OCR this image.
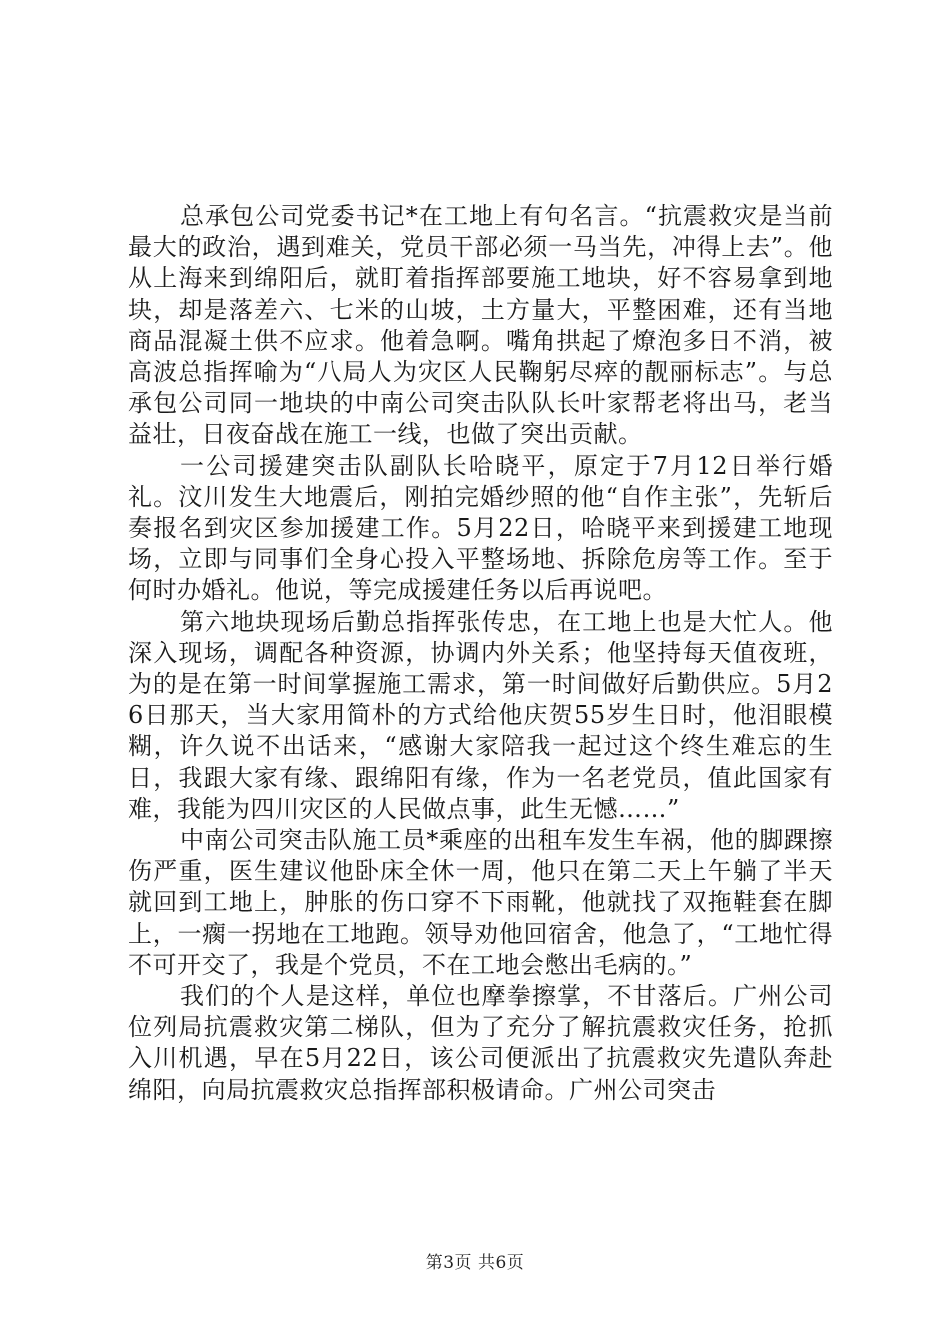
总承包公司党委书记*在工地上有句名言。“抗震救灾是当前最大的政治，遇到难关，党员干部必须一马当先，冲得上去”。他从上海来到绵阳后，就盯着指挥部要施工地块，好不容易拿到地块，却是落差六、七米的山坡，土方量大，平整困难，还有当地商品混凝土供不应求。他着急啊。嘴角拱起了燎泡多日不消，被高波总指挥喻为“八局人为灾区人民鞠躬尽瘁的靓丽标志”。与总承包公司同一地块的中南公司突击队队长叶家帮老将出马，老当益壮，日夜奋战在施工一线，也做了突出贡献。

一公司援建突击队副队长哈晓平，原定于7月12日举行婚礼。汶川发生大地震后，刚拍完婚纱照的他“自作主张”，先斩后奏报名到灾区参加援建工作。5月22日，哈晓平来到援建工地现场，立即与同事们全身心投入平整场地、拆除危房等工作。至于何时办婚礼。他说，等完成援建任务以后再说吧。

第六地块现场后勤总指挥张传忠，在工地上也是大忙人。他深入现场，调配各种资源，协调内外关系；他坚持每天值夜班，为的是在第一时间掌握施工需求，第一时间做好后勤供应。5月26日那天，当大家用简朴的方式给他庆贺55岁生日时，他泪眼模糊，许久说不出话来，“感谢大家陪我一起过这个终生难忘的生日，我跟大家有缘、跟绵阳有缘，作为一名老党员，值此国家有难，我能为四川灾区的人民做点事，此生无憾……”

中南公司突击队施工员*乘座的出租车发生车祸，他的脚踝擦伤严重，医生建议他卧床全休一周，他只在第二天上午躺了半天就回到工地上，肿胀的伤口穿不下雨靴，他就找了双拖鞋套在脚上，一瘸一拐地在工地跑。领导劝他回宿舍，他急了，“工地忙得不可开交了，我是个党员，不在工地会憋出毛病的。”

我们的个人是这样，单位也摩拳擦掌，不甘落后。广州公司位列局抗震救灾第二梯队，但为了充分了解抗震救灾任务，抢抓入川机遇，早在5月22日，该公司便派出了抗震救灾先遣队奔赴绵阳，向局抗震救灾总指挥部积极请命。广州公司突击

第3页 共6页
